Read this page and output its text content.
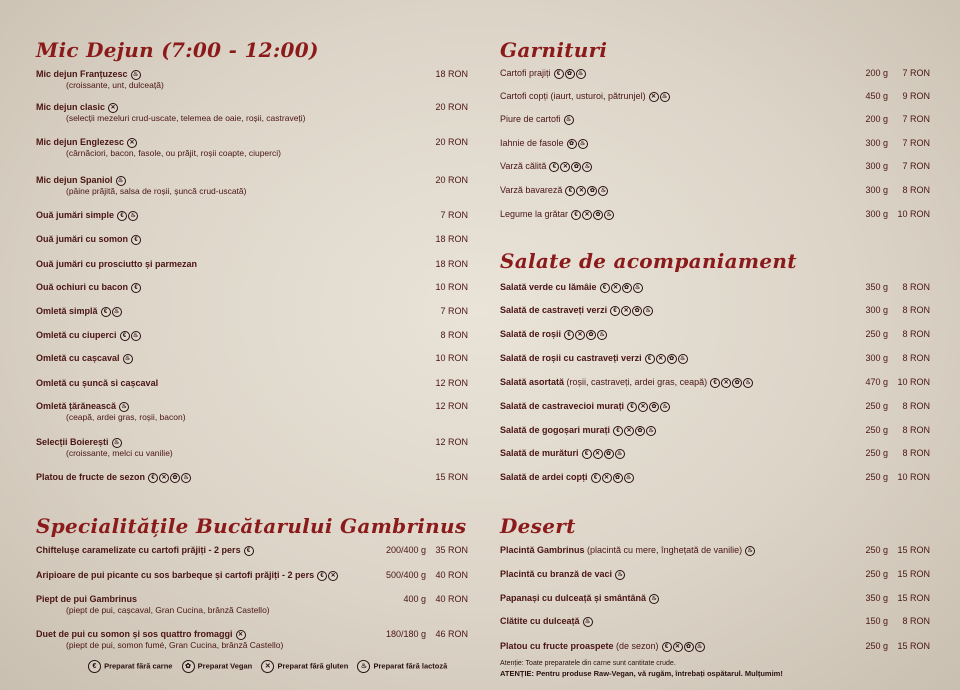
Mic Dejun (7:00 - 12:00)
Mic dejun Franțuzesc ♨
(croissante, unt, dulceață)
18 RON
Mic dejun clasic ✕
(selecții mezeluri crud-uscate, telemea de oaie, roșii, castraveți)
20 RON
Mic dejun Englezesc ✕
(cârnăciori, bacon, fasole, ou prăjit, roșii coapte, ciuperci)
20 RON
Mic dejun Spaniol ♨
(pâine prăjită, salsa de roșii, șuncă crud-uscată)
20 RON
Ouă jumări simple € ♨	7 RON
Ouă jumări cu somon €	18 RON
Ouă jumări cu prosciutto și parmezan	18 RON
Ouă ochiuri cu bacon €	10 RON
Omletă simplă € ♨	7 RON
Omletă cu ciuperci € ♨	8 RON
Omletă cu cașcaval ♨	10 RON
Omletă cu șuncă si cașcaval	12 RON
Omletă țărănească ♨
(ceapă, ardei gras, roșii, bacon)
12 RON
Selecții Boierești ♨
(croissante, melci cu vanilie)
12 RON
Platou de fructe de sezon € ✕ ✿ ♨	15 RON
Specialitățile Bucătarului Gambrinus
Chiftelușe caramelizate cu cartofi prăjiți - 2 pers €	200/400 g 35 RON
Aripioare de pui picante cu sos barbeque și cartofi prăjiți - 2 pers € ✕	500/400 g 40 RON
Piept de pui Gambrinus
(piept de pui, cașcaval, Gran Cucina, brânză Castello)
400 g 40 RON
Duet de pui cu somon și sos quattro fromaggi ✕
(piept de pui, somon fumé, Gran Cucina, brânză Castello)
180/180 g 46 RON
Garnituri
Cartofi prajiți € ✿ ♨	200 g 7 RON
Cartofi copți (iaurt, usturoi, pătrunjel) ✕ ♨	450 g 9 RON
Piure de cartofi ♨	200 g 7 RON
Iahnie de fasole ✿ ♨	300 g 7 RON
Varză călită € ✕ ✿ ♨	300 g 7 RON
Varză bavareză € ✕ ✿ ♨	300 g 8 RON
Legume la grătar € ✕ ✿ ♨	300 g 10 RON
Salate de acompaniament
Salată verde cu lămâie € ✕ ✿ ♨	350 g 8 RON
Salată de castraveți verzi € ✕ ✿ ♨	300 g 8 RON
Salată de roșii € ✕ ✿ ♨	250 g 8 RON
Salată de roșii cu castraveți verzi € ✕ ✿ ♨	300 g 8 RON
Salată asortată (roșii, castraveți, ardei gras, ceapă) € ✕ ✿ ♨	470 g 10 RON
Salată de castravecioi murați € ✕ ✿ ♨	250 g 8 RON
Salată de gogoșari murați € ✕ ✿ ♨	250 g 8 RON
Salată de murături € ✕ ✿ ♨	250 g 8 RON
Salată de ardei copți € ✕ ✿ ♨	250 g 10 RON
Desert
Placintă Gambrinus (placintă cu mere, înghețată de vanilie) ♨	250 g 15 RON
Placintă cu branză de vaci ♨	250 g 15 RON
Papanași cu dulceață și smântână ♨	350 g 15 RON
Clătite cu dulceață ♨	150 g 8 RON
Platou cu fructe proaspete (de sezon) € ✕ ✿ ♨	250 g 15 RON
€ Preparat fără carne ✿ Preparat Vegan ✕ Preparat fără gluten ♨ Preparat fără lactoză	Atenție: Toate preparatele din carne sunt cantitate crude.
ATENȚIE: Pentru produse Raw-Vegan, vă rugăm, întrebați ospătarul. Mulțumim!
